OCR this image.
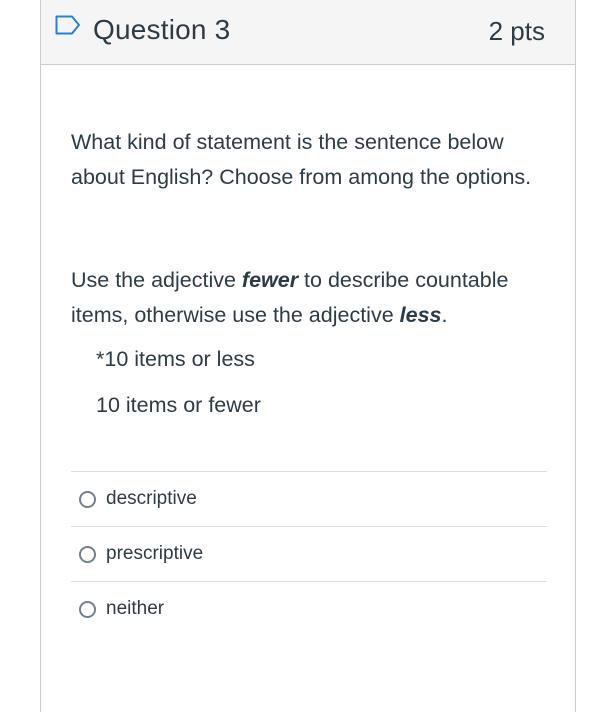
Question 3	2 pts

What kind of statement is the sentence below about English? Choose from among the options.

Use the adjective fewer to describe countable items, otherwise use the adjective less.

*10 items or less
10 items or fewer
descriptive
prescriptive
neither
